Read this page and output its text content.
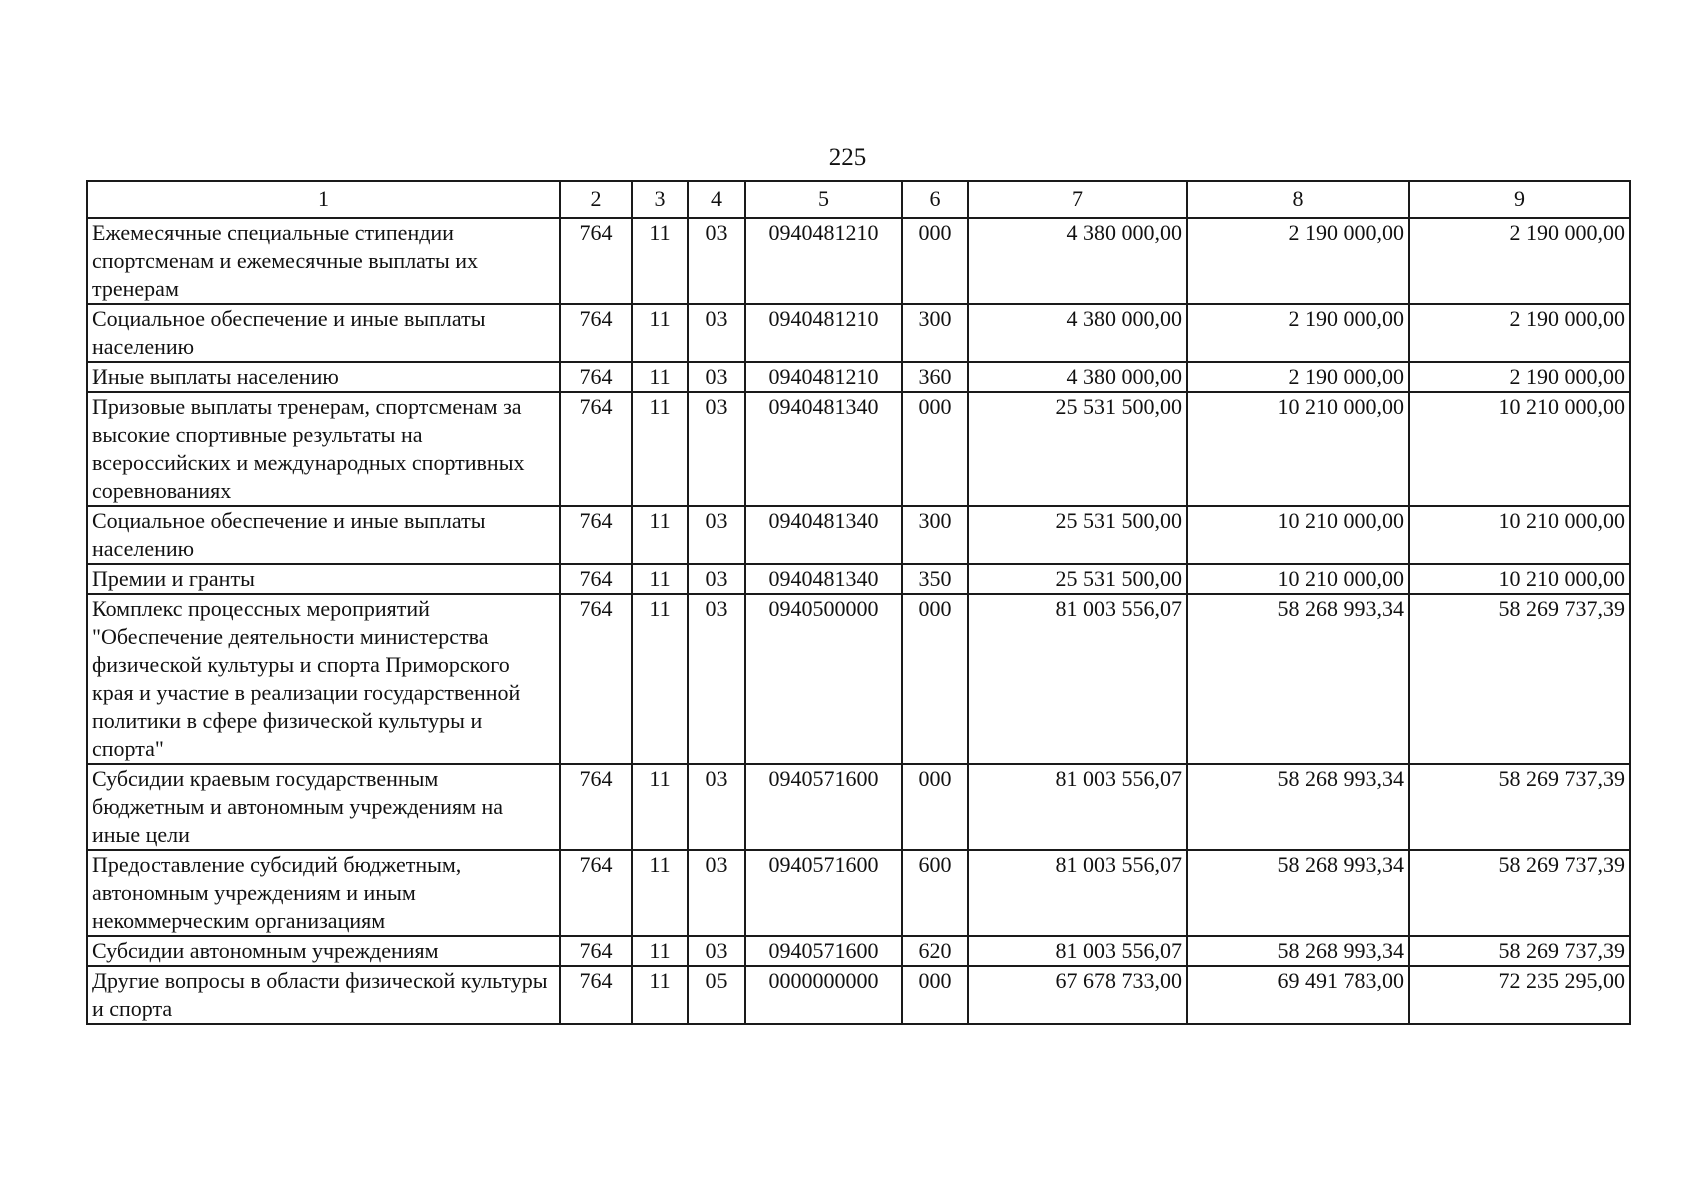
225
1	2	3	4	5	6	7	8	9
Ежемесячные специальные стипендии спортсменам и ежемесячные выплаты их тренерам	764	11	03	0940481210	000	4 380 000,00	2 190 000,00	2 190 000,00
Социальное обеспечение и иные выплаты населению	764	11	03	0940481210	300	4 380 000,00	2 190 000,00	2 190 000,00
Иные выплаты населению	764	11	03	0940481210	360	4 380 000,00	2 190 000,00	2 190 000,00
Призовые выплаты тренерам, спортсменам за высокие спортивные результаты на всероссийских и международных спортивных соревнованиях	764	11	03	0940481340	000	25 531 500,00	10 210 000,00	10 210 000,00
Социальное обеспечение и иные выплаты населению	764	11	03	0940481340	300	25 531 500,00	10 210 000,00	10 210 000,00
Премии и гранты	764	11	03	0940481340	350	25 531 500,00	10 210 000,00	10 210 000,00
Комплекс процессных мероприятий "Обеспечение деятельности министерства физической культуры и спорта Приморского края и участие в реализации государственной политики в сфере физической культуры и спорта"	764	11	03	0940500000	000	81 003 556,07	58 268 993,34	58 269 737,39
Субсидии краевым государственным бюджетным и автономным учреждениям на иные цели	764	11	03	0940571600	000	81 003 556,07	58 268 993,34	58 269 737,39
Предоставление субсидий бюджетным, автономным учреждениям и иным некоммерческим организациям	764	11	03	0940571600	600	81 003 556,07	58 268 993,34	58 269 737,39
Субсидии автономным учреждениям	764	11	03	0940571600	620	81 003 556,07	58 268 993,34	58 269 737,39
Другие вопросы в области физической культуры и спорта	764	11	05	0000000000	000	67 678 733,00	69 491 783,00	72 235 295,00
